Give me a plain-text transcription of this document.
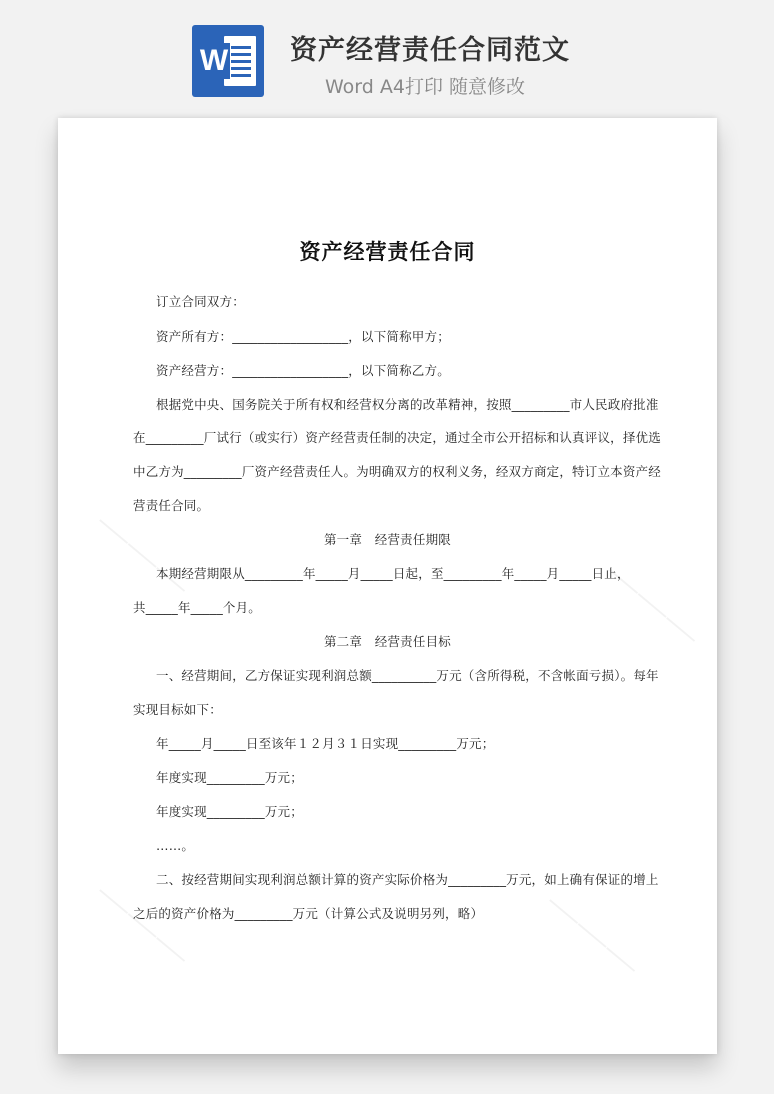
W 资产经营责任合同范文
Word A4打印 随意修改
⸺⸺⸺
⸺⸺⸺
⸺⸺⸺	⸺⸺⸺
资产经营责任合同
订立合同双方：
资产所有方：__________________，以下简称甲方；
资产经营方：__________________，以下简称乙方。
根据党中央、国务院关于所有权和经营权分离的改革精神，按照_________市人民政府批准
在_________厂试行（或实行）资产经营责任制的决定，通过全市公开招标和认真评议，择优选
中乙方为_________厂资产经营责任人。为明确双方的权利义务，经双方商定，特订立本资产经
营责任合同。
第一章　经营责任期限
本期经营期限从_________年_____月_____日起，至_________年_____月_____日止，
共_____年_____个月。
第二章　经营责任目标
一、经营期间，乙方保证实现利润总额__________万元（含所得税，不含帐面亏损）。每年
实现目标如下：
年_____月_____日至该年１２月３１日实现_________万元；
年度实现_________万元；
年度实现_________万元；
……。
二、按经营期间实现利润总额计算的资产实际价格为_________万元，如上确有保证的增上
之后的资产价格为_________万元（计算公式及说明另列，略）
